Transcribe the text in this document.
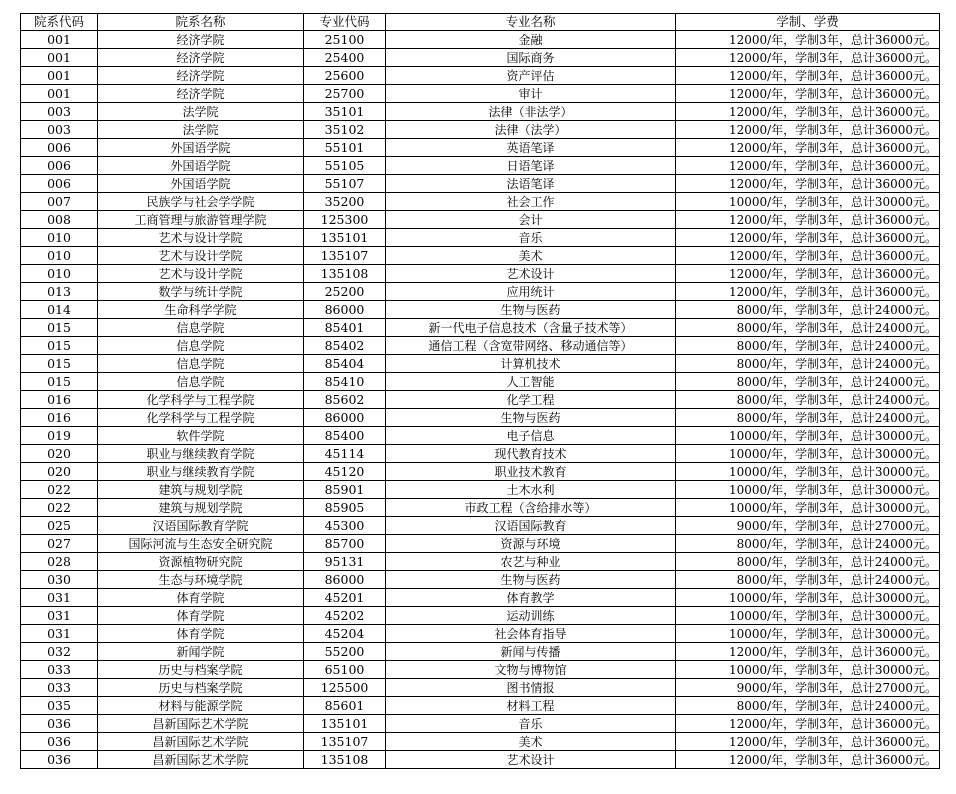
院系代码	院系名称	专业代码	专业名称	学制、学费
001	经济学院	25100	金融	12000/年，学制3年，总计36000元。
001	经济学院	25400	国际商务	12000/年，学制3年，总计36000元。
001	经济学院	25600	资产评估	12000/年，学制3年，总计36000元。
001	经济学院	25700	审计	12000/年，学制3年，总计36000元。
003	法学院	35101	法律（非法学）	12000/年，学制3年，总计36000元。
003	法学院	35102	法律（法学）	12000/年，学制3年，总计36000元。
006	外国语学院	55101	英语笔译	12000/年，学制3年，总计36000元。
006	外国语学院	55105	日语笔译	12000/年，学制3年，总计36000元。
006	外国语学院	55107	法语笔译	12000/年，学制3年，总计36000元。
007	民族学与社会学学院	35200	社会工作	10000/年，学制3年，总计30000元。
008	工商管理与旅游管理学院	125300	会计	12000/年，学制3年，总计36000元。
010	艺术与设计学院	135101	音乐	12000/年，学制3年，总计36000元。
010	艺术与设计学院	135107	美术	12000/年，学制3年，总计36000元。
010	艺术与设计学院	135108	艺术设计	12000/年，学制3年，总计36000元。
013	数学与统计学院	25200	应用统计	12000/年，学制3年，总计36000元。
014	生命科学学院	86000	生物与医药	8000/年，学制3年，总计24000元。
015	信息学院	85401	新一代电子信息技术（含量子技术等）	8000/年，学制3年，总计24000元。
015	信息学院	85402	通信工程（含宽带网络、移动通信等）	8000/年，学制3年，总计24000元。
015	信息学院	85404	计算机技术	8000/年，学制3年，总计24000元。
015	信息学院	85410	人工智能	8000/年，学制3年，总计24000元。
016	化学科学与工程学院	85602	化学工程	8000/年，学制3年，总计24000元。
016	化学科学与工程学院	86000	生物与医药	8000/年，学制3年，总计24000元。
019	软件学院	85400	电子信息	10000/年，学制3年，总计30000元。
020	职业与继续教育学院	45114	现代教育技术	10000/年，学制3年，总计30000元。
020	职业与继续教育学院	45120	职业技术教育	10000/年，学制3年，总计30000元。
022	建筑与规划学院	85901	土木水利	10000/年，学制3年，总计30000元。
022	建筑与规划学院	85905	市政工程（含给排水等）	10000/年，学制3年，总计30000元。
025	汉语国际教育学院	45300	汉语国际教育	9000/年，学制3年，总计27000元。
027	国际河流与生态安全研究院	85700	资源与环境	8000/年，学制3年，总计24000元。
028	资源植物研究院	95131	农艺与种业	8000/年，学制3年，总计24000元。
030	生态与环境学院	86000	生物与医药	8000/年，学制3年，总计24000元。
031	体育学院	45201	体育教学	10000/年，学制3年，总计30000元。
031	体育学院	45202	运动训练	10000/年，学制3年，总计30000元。
031	体育学院	45204	社会体育指导	10000/年，学制3年，总计30000元。
032	新闻学院	55200	新闻与传播	12000/年，学制3年，总计36000元。
033	历史与档案学院	65100	文物与博物馆	10000/年，学制3年，总计30000元。
033	历史与档案学院	125500	图书情报	9000/年，学制3年，总计27000元。
035	材料与能源学院	85601	材料工程	8000/年，学制3年，总计24000元。
036	昌新国际艺术学院	135101	音乐	12000/年，学制3年，总计36000元。
036	昌新国际艺术学院	135107	美术	12000/年，学制3年，总计36000元。
036	昌新国际艺术学院	135108	艺术设计	12000/年，学制3年，总计36000元。
